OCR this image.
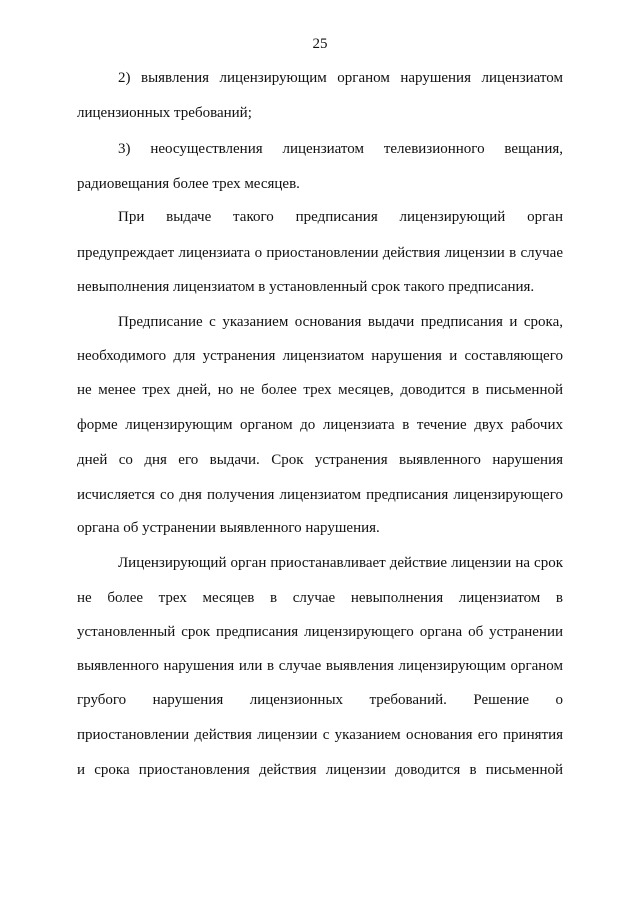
25
2) выявления лицензирующим органом нарушения лицензиатом
лицензионных требований;
3) неосуществления лицензиатом телевизионного вещания,
радиовещания более трех месяцев.
При выдаче такого предписания лицензирующий орган
предупреждает лицензиата о приостановлении действия лицензии в случае
невыполнения лицензиатом в установленный срок такого предписания.
Предписание с указанием основания выдачи предписания и срока,
необходимого для устранения лицензиатом нарушения и составляющего
не менее трех дней, но не более трех месяцев, доводится в письменной
форме лицензирующим органом до лицензиата в течение двух рабочих
дней со дня его выдачи. Срок устранения выявленного нарушения
исчисляется со дня получения лицензиатом предписания лицензирующего
органа об устранении выявленного нарушения.
Лицензирующий орган приостанавливает действие лицензии на срок
не более трех месяцев в случае невыполнения лицензиатом в
установленный срок предписания лицензирующего органа об устранении
выявленного нарушения или в случае выявления лицензирующим органом
грубого нарушения лицензионных требований. Решение о
приостановлении действия лицензии с указанием основания его принятия
и срока приостановления действия лицензии доводится в письменной
